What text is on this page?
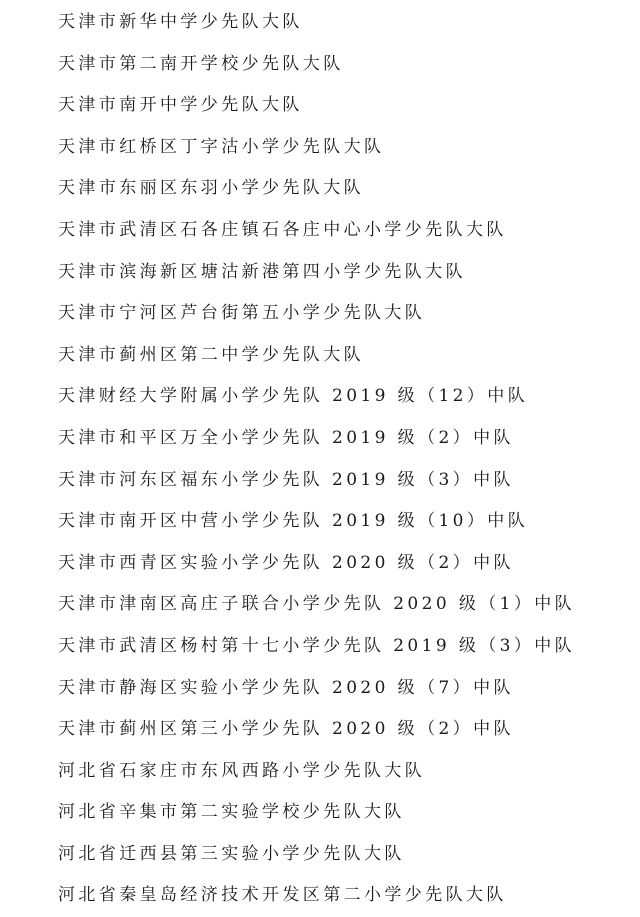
天津市新华中学少先队大队
天津市第二南开学校少先队大队
天津市南开中学少先队大队
天津市红桥区丁字沽小学少先队大队
天津市东丽区东羽小学少先队大队
天津市武清区石各庄镇石各庄中心小学少先队大队
天津市滨海新区塘沽新港第四小学少先队大队
天津市宁河区芦台街第五小学少先队大队
天津市蓟州区第二中学少先队大队
天津财经大学附属小学少先队 2019 级（12）中队
天津市和平区万全小学少先队 2019 级（2）中队
天津市河东区福东小学少先队 2019 级（3）中队
天津市南开区中营小学少先队 2019 级（10）中队
天津市西青区实验小学少先队 2020 级（2）中队
天津市津南区高庄子联合小学少先队 2020 级（1）中队
天津市武清区杨村第十七小学少先队 2019 级（3）中队
天津市静海区实验小学少先队 2020 级（7）中队
天津市蓟州区第三小学少先队 2020 级（2）中队
河北省石家庄市东风西路小学少先队大队
河北省辛集市第二实验学校少先队大队
河北省迁西县第三实验小学少先队大队
河北省秦皇岛经济技术开发区第二小学少先队大队
